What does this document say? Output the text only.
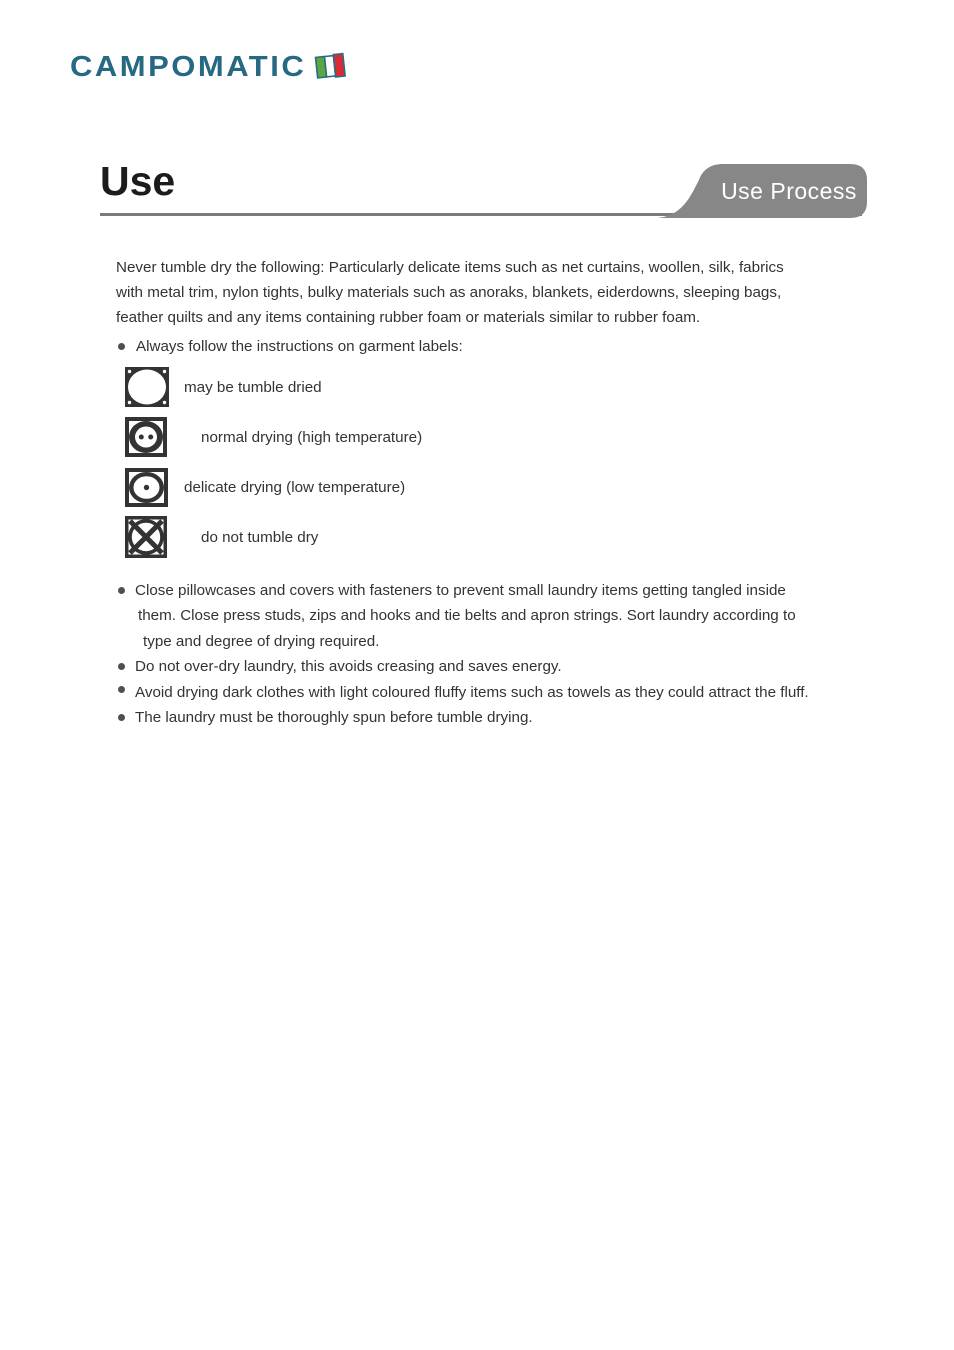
CAMPOMATIC
Use	Use Process
Never tumble dry the following: Particularly delicate items such as net curtains, woollen, silk, fabrics
with metal trim, nylon tights, bulky materials such as anoraks, blankets, eiderdowns, sleeping bags,
feather quilts and any items containing rubber foam or materials similar to rubber foam.
Always follow the instructions on garment labels:
may be tumble dried
normal drying (high temperature)
delicate drying (low temperature)
do not tumble dry
Close pillowcases and covers with fasteners to prevent small laundry items getting tangled inside
them. Close press studs, zips and hooks and tie belts and apron strings. Sort laundry according to
type and degree of drying required.
Do not over-dry laundry, this avoids creasing and saves energy.
Avoid drying dark clothes with light coloured fluffy items such as towels as they could attract the fluff.
The laundry must be thoroughly spun before tumble drying.
